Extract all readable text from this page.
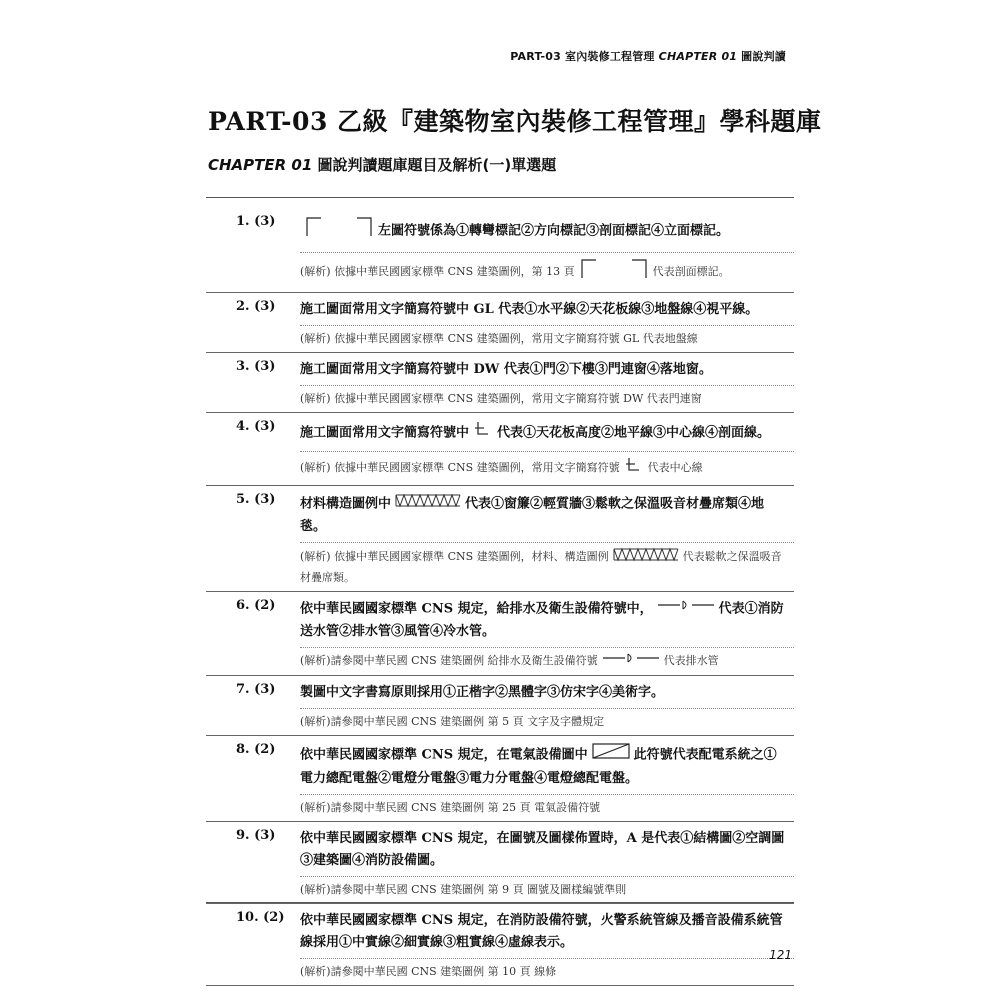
PART-03 室內裝修工程管理 CHAPTER 01 圖說判讀
PART-03 乙級『建築物室內裝修工程管理』學科題庫
CHAPTER 01 圖說判讀題庫題目及解析(一)單選題
1. (3)
左圖符號係為①轉彎標記②方向標記③剖面標記④立面標記。
(解析) 依據中華民國國家標準 CNS 建築圖例，第 13 頁	代表剖面標記。
2. (3) 施工圖面常用文字簡寫符號中 GL 代表①水平線②天花板線③地盤線④視平線。
(解析) 依據中華民國國家標準 CNS 建築圖例，常用文字簡寫符號 GL 代表地盤線
3. (3) 施工圖面常用文字簡寫符號中 DW 代表①門②下樓③門連窗④落地窗。
(解析) 依據中華民國國家標準 CNS 建築圖例，常用文字簡寫符號 DW 代表門連窗
4. (3) 施工圖面常用文字簡寫符號中 代表①天花板高度②地平線③中心線④剖面線。
(解析) 依據中華民國國家標準 CNS 建築圖例，常用文字簡寫符號	代表中心線
5. (3) 材料構造圖例中	代表①窗簾②輕質牆③鬆軟之保溫吸音材疊席類④地毯。
(解析) 依據中華民國國家標準 CNS 建築圖例，材料、構造圖例	代表鬆軟之保溫吸音材疊席類。
6. (2) 依中華民國國家標準 CNS 規定，給排水及衛生設備符號中，	代表①消防送水管②排水管③風管④冷水管。
(解析)請參閱中華民國 CNS 建築圖例 給排水及衛生設備符號	代表排水管
7. (3) 製圖中文字書寫原則採用①正楷字②黑體字③仿宋字④美術字。
(解析)請參閱中華民國 CNS 建築圖例 第 5 頁 文字及字體規定
8. (2) 依中華民國國家標準 CNS 規定，在電氣設備圖中	此符號代表配電系統之①電力總配電盤②電燈分電盤③電力分電盤④電燈總配電盤。
(解析)請參閱中華民國 CNS 建築圖例 第 25 頁 電氣設備符號
9. (3) 依中華民國國家標準 CNS 規定，在圖號及圖樣佈置時，A 是代表①結構圖②空調圖③建築圖④消防設備圖。
(解析)請參閱中華民國 CNS 建築圖例 第 9 頁 圖號及圖樣編號準則
10. (2) 依中華民國國家標準 CNS 規定，在消防設備符號，火警系統管線及播音設備系統管線採用①中實線②細實線③粗實線④虛線表示。
(解析)請參閱中華民國 CNS 建築圖例 第 10 頁 線條
121
